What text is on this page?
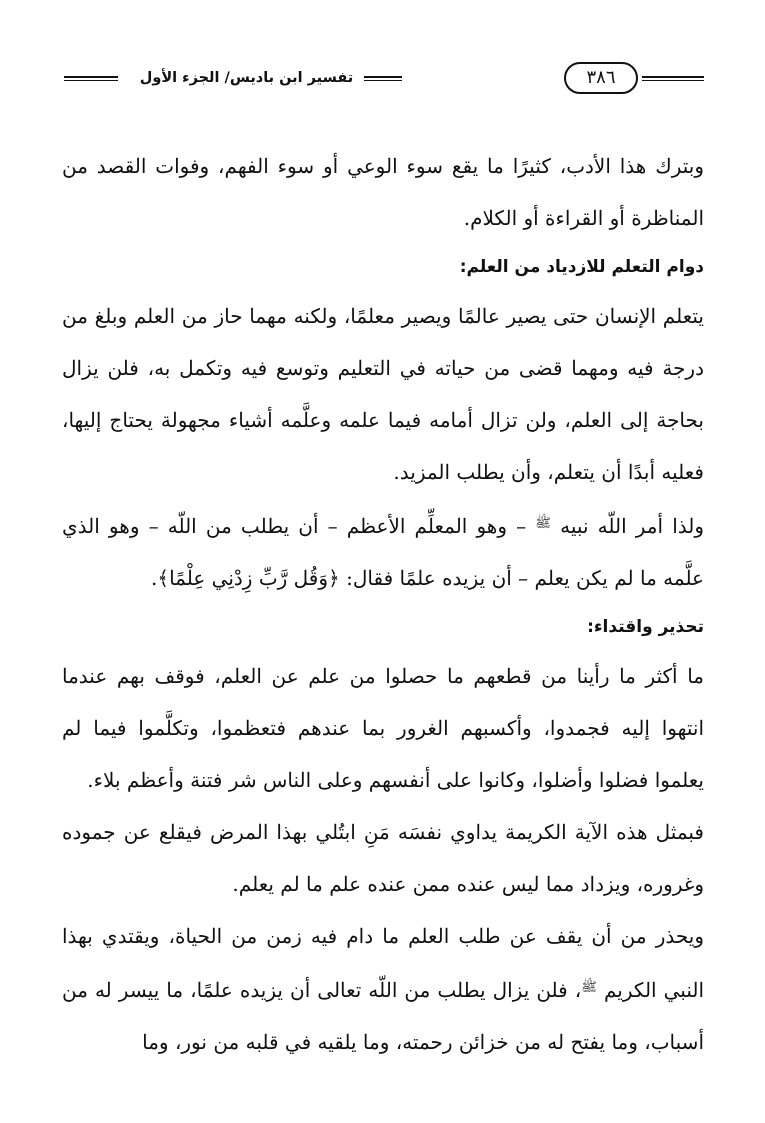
تفسير ابن باديس/ الجزء الأول	٣٨٦

وبترك هذا الأدب، كثيرًا ما يقع سوء الوعي أو سوء الفهم، وفوات القصد من المناظرة أو القراءة أو الكلام.

دوام التعلم للازدياد من العلم:

يتعلم الإنسان حتى يصير عالمًا ويصير معلمًا، ولكنه مهما حاز من العلم وبلغ من درجة فيه ومهما قضى من حياته في التعليم وتوسع فيه وتكمل به، فلن يزال بحاجة إلى العلم، ولن تزال أمامه فيما علمه وعلَّمه أشياء مجهولة يحتاج إليها، فعليه أبدًا أن يتعلم، وأن يطلب المزيد.

ولذا أمر اللّه نبيه $^ﷺ$ – وهو المعلِّم الأعظم – أن يطلب من اللّه – وهو الذي علَّمه ما لم يكن يعلم – أن يزيده علمًا فقال: ﴿وَقُل رَّبِّ زِدْنِي عِلْمًا﴾.

تحذير واقتداء:

ما أكثر ما رأينا من قطعهم ما حصلوا من علم عن العلم، فوقف بهم عندما انتهوا إليه فجمدوا، وأكسبهم الغرور بما عندهم فتعظموا، وتكلَّموا فيما لم يعلموا فضلوا وأضلوا، وكانوا على أنفسهم وعلى الناس شر فتنة وأعظم بلاء.

فبمثل هذه الآية الكريمة يداوي نفسَه مَنِ ابتُلي بهذا المرض فيقلع عن جموده وغروره، ويزداد مما ليس عنده ممن عنده علم ما لم يعلم.

ويحذر من أن يقف عن طلب العلم ما دام فيه زمن من الحياة، ويقتدي بهذا النبي الكريم $^ﷺ$، فلن يزال يطلب من اللّه تعالى أن يزيده علمًا، ما ييسر له من أسباب، وما يفتح له من خزائن رحمته، وما يلقيه في قلبه من نور، وما
